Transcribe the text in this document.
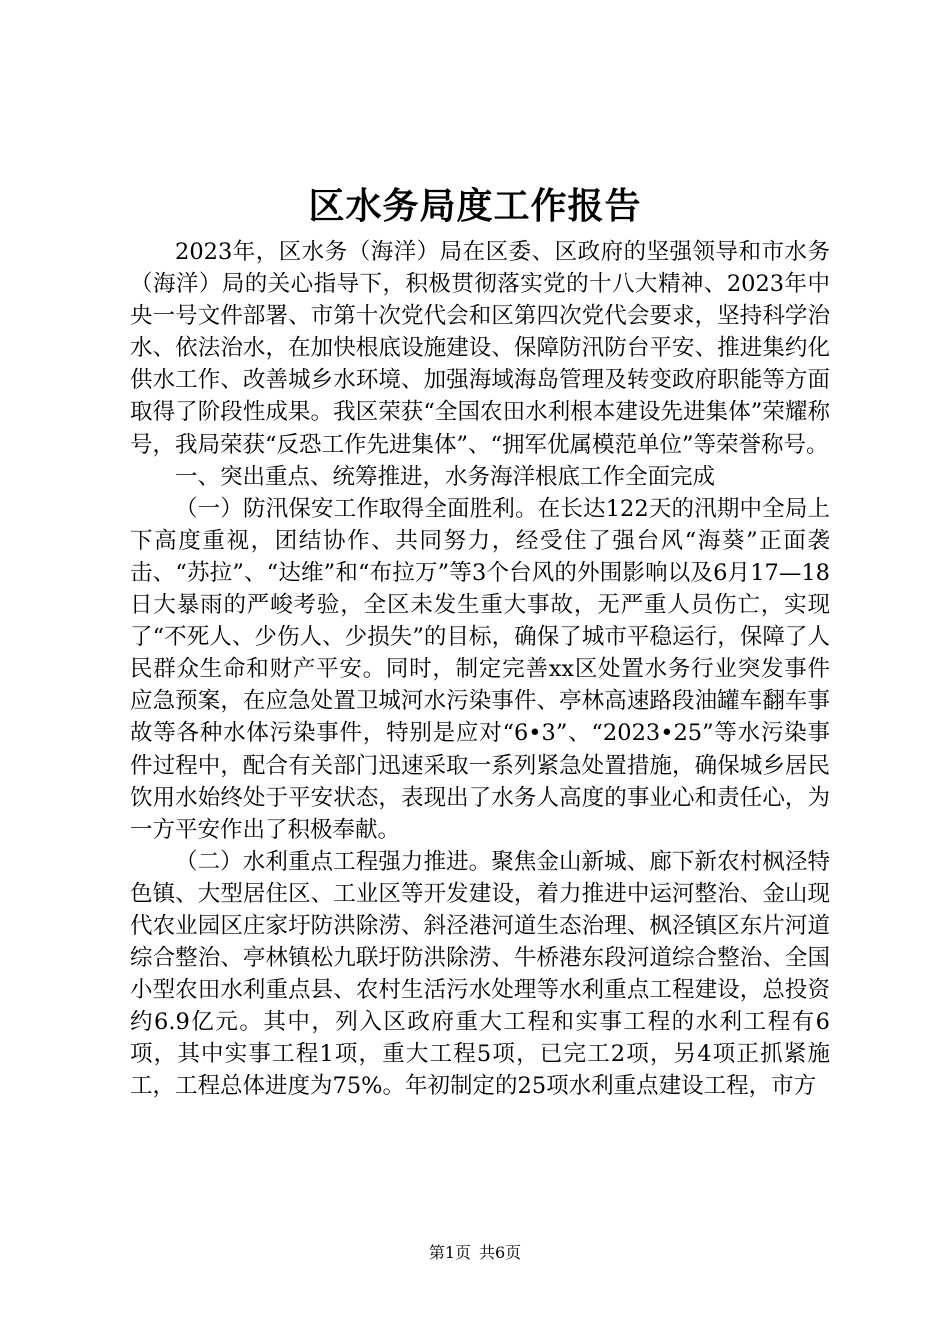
区水务局度工作报告

2023年，区水务（海洋）局在区委、区政府的坚强领导和市水务（海洋）局的关心指导下，积极贯彻落实党的十八大精神、2023年中央一号文件部署、市第十次党代会和区第四次党代会要求，坚持科学治水、依法治水，在加快根底设施建设、保障防汛防台平安、推进集约化供水工作、改善城乡水环境、加强海域海岛管理及转变政府职能等方面取得了阶段性成果。我区荣获“全国农田水利根本建设先进集体”荣耀称号，我局荣获“反恐工作先进集体”、“拥军优属模范单位”等荣誉称号。

一、突出重点、统筹推进，水务海洋根底工作全面完成

（一）防汛保安工作取得全面胜利。在长达122天的汛期中全局上下高度重视，团结协作、共同努力，经受住了强台风“海葵”正面袭击、“苏拉”、“达维”和“布拉万”等3个台风的外围影响以及6月17—18日大暴雨的严峻考验，全区未发生重大事故，无严重人员伤亡，实现了“不死人、少伤人、少损失”的目标，确保了城市平稳运行，保障了人民群众生命和财产平安。同时，制定完善xx区处置水务行业突发事件应急预案，在应急处置卫城河水污染事件、亭林高速路段油罐车翻车事故等各种水体污染事件，特别是应对“6•3”、“2023•25”等水污染事件过程中，配合有关部门迅速采取一系列紧急处置措施，确保城乡居民饮用水始终处于平安状态，表现出了水务人高度的事业心和责任心，为一方平安作出了积极奉献。

（二）水利重点工程强力推进。聚焦金山新城、廊下新农村枫泾特色镇、大型居住区、工业区等开发建设，着力推进中运河整治、金山现代农业园区庄家圩防洪除涝、斜泾港河道生态治理、枫泾镇区东片河道综合整治、亭林镇松九联圩防洪除涝、牛桥港东段河道综合整治、全国小型农田水利重点县、农村生活污水处理等水利重点工程建设，总投资约6.9亿元。其中，列入区政府重大工程和实事工程的水利工程有6项，其中实事工程1项，重大工程5项，已完工2项，另4项正抓紧施工，工程总体进度为75%。年初制定的25项水利重点建设工程，市方

第1页 共6页
